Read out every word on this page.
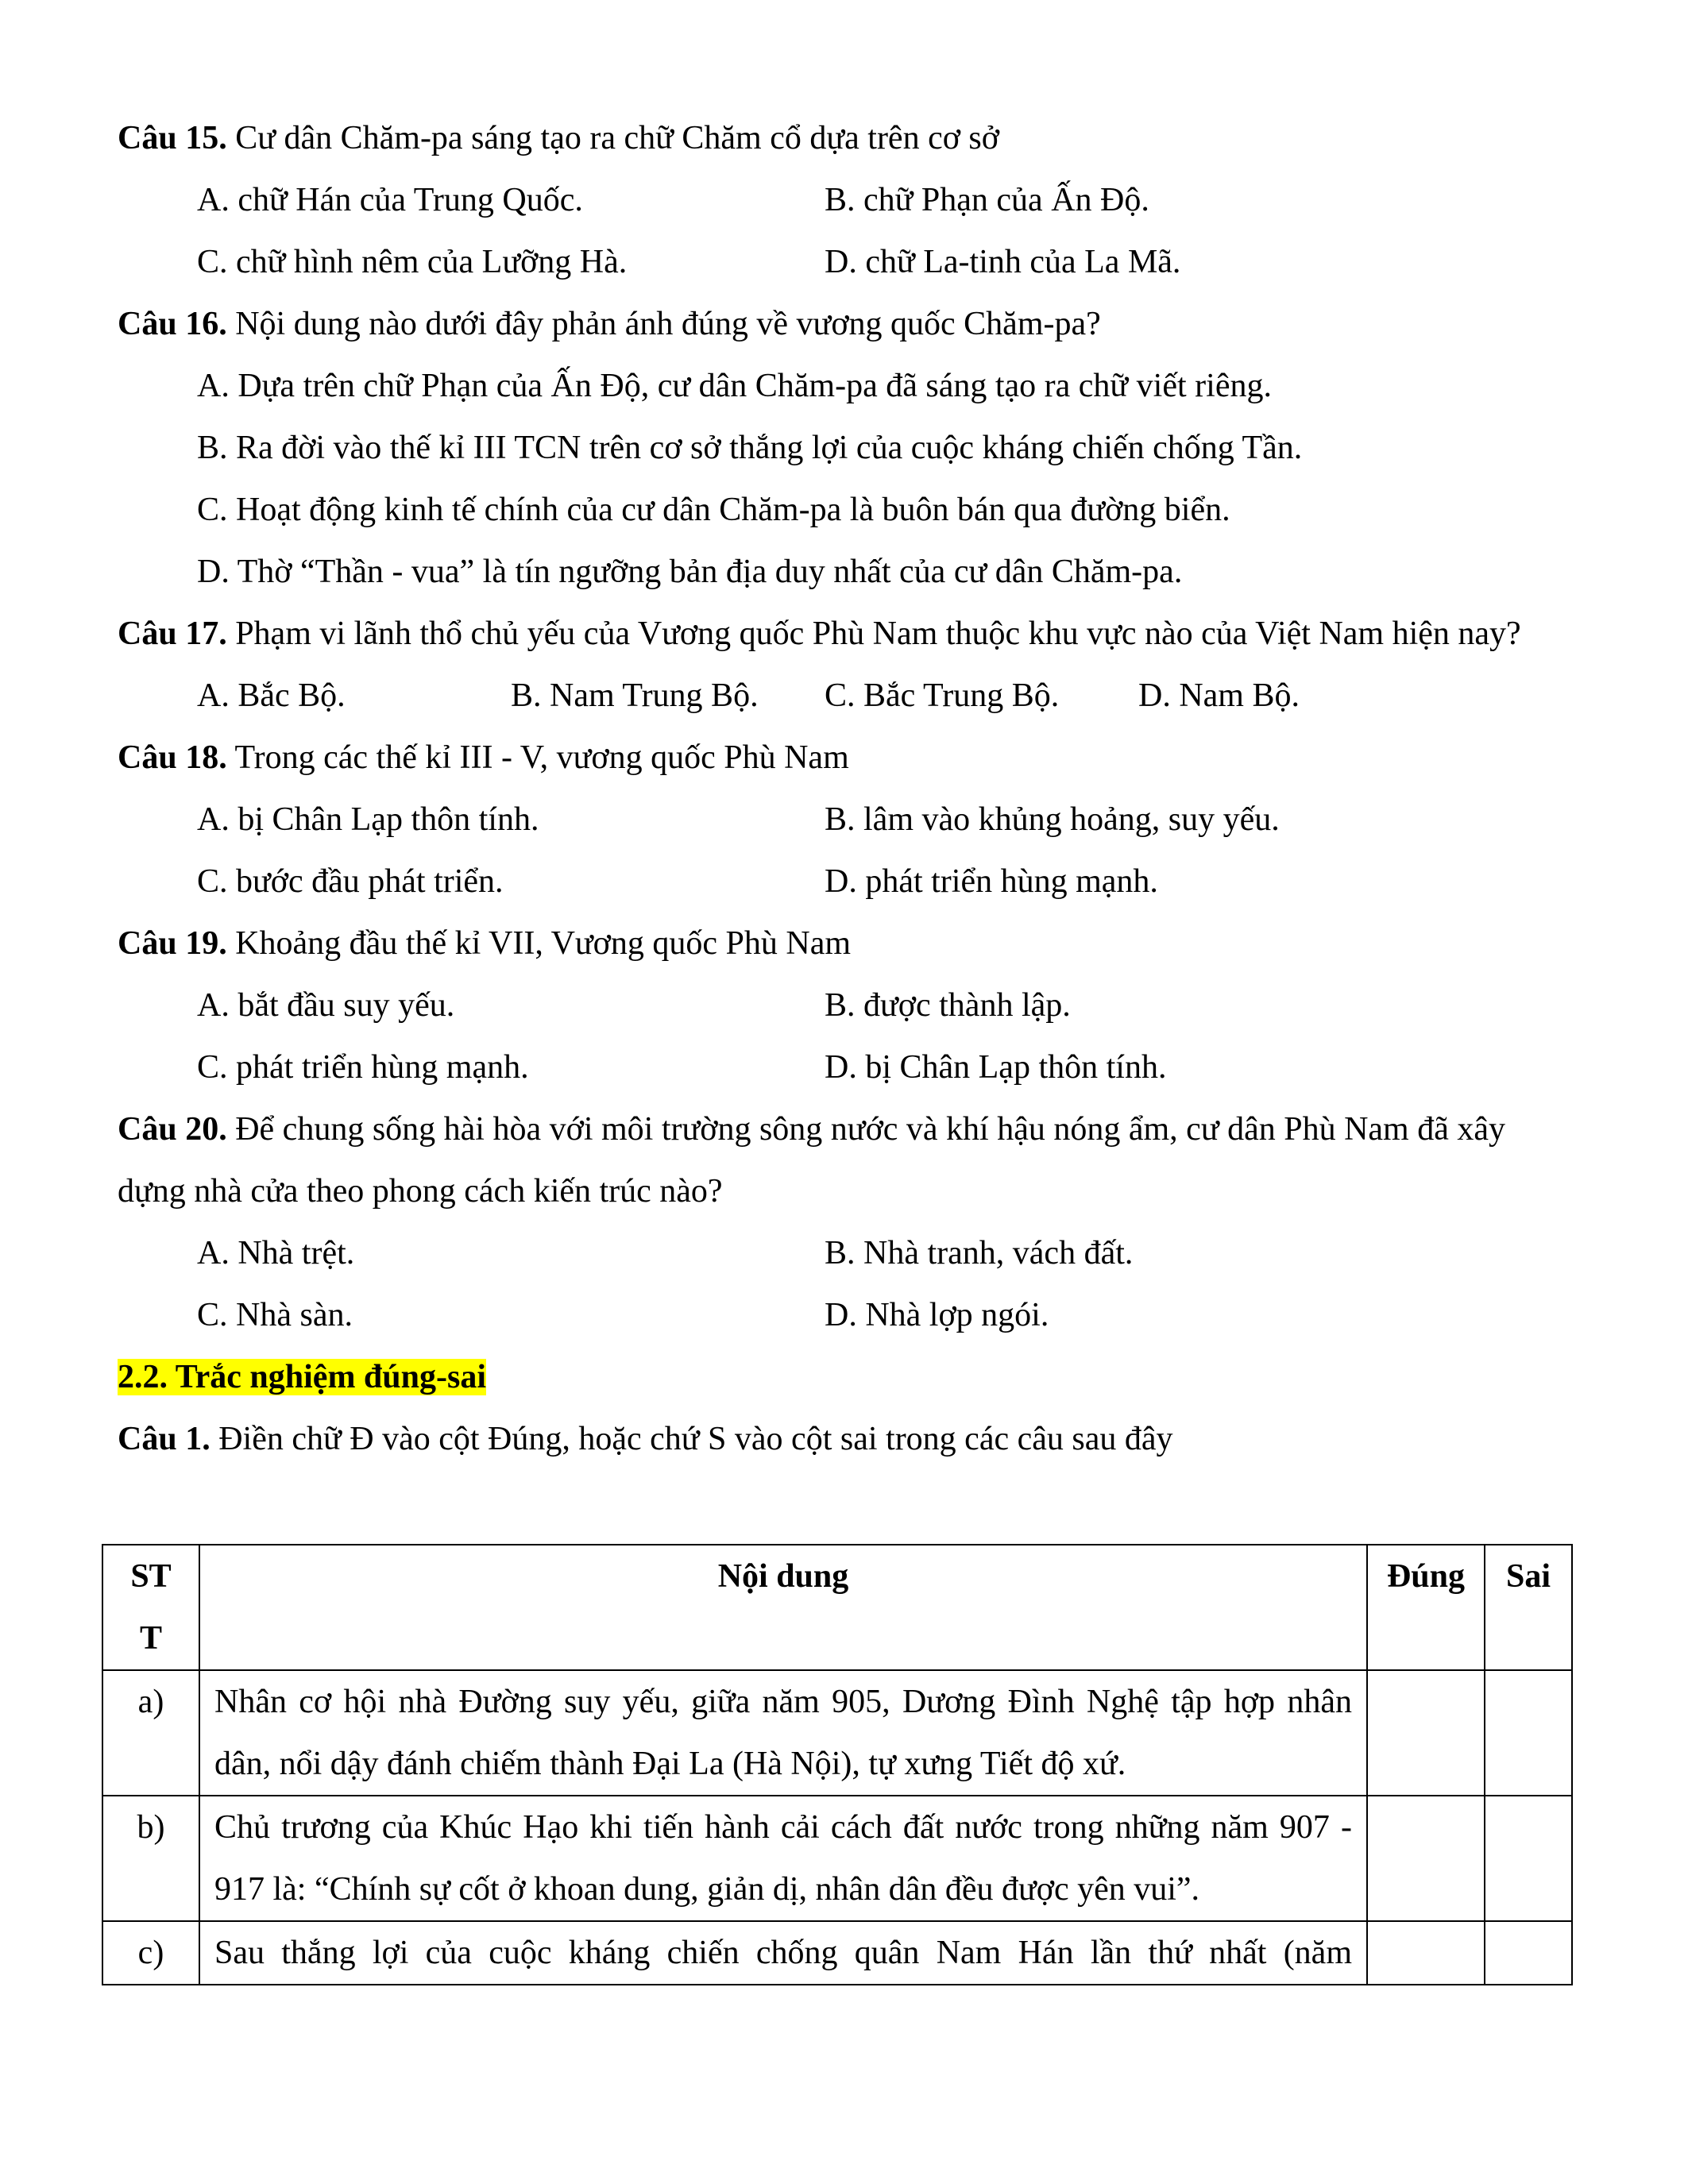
Câu 15. Cư dân Chăm-pa sáng tạo ra chữ Chăm cổ dựa trên cơ sở
A. chữ Hán của Trung Quốc.	B. chữ Phạn của Ấn Độ.
C. chữ hình nêm của Lưỡng Hà.	D. chữ La-tinh của La Mã.
Câu 16. Nội dung nào dưới đây phản ánh đúng về vương quốc Chăm-pa?
A. Dựa trên chữ Phạn của Ấn Độ, cư dân Chăm-pa đã sáng tạo ra chữ viết riêng.
B. Ra đời vào thế kỉ III TCN trên cơ sở thắng lợi của cuộc kháng chiến chống Tần.
C. Hoạt động kinh tế chính của cư dân Chăm-pa là buôn bán qua đường biển.
D. Thờ “Thần - vua” là tín ngưỡng bản địa duy nhất của cư dân Chăm-pa.
Câu 17. Phạm vi lãnh thổ chủ yếu của Vương quốc Phù Nam thuộc khu vực nào của Việt Nam hiện nay?
A. Bắc Bộ.	B. Nam Trung Bộ.	C. Bắc Trung Bộ.	D. Nam Bộ.
Câu 18. Trong các thế kỉ III - V, vương quốc Phù Nam
A. bị Chân Lạp thôn tính.	B. lâm vào khủng hoảng, suy yếu.
C. bước đầu phát triển.	D. phát triển hùng mạnh.
Câu 19. Khoảng đầu thế kỉ VII, Vương quốc Phù Nam
A. bắt đầu suy yếu.	B. được thành lập.
C. phát triển hùng mạnh.	D. bị Chân Lạp thôn tính.
Câu 20. Để chung sống hài hòa với môi trường sông nước và khí hậu nóng ẩm, cư dân Phù Nam đã xây dựng nhà cửa theo phong cách kiến trúc nào?
A. Nhà trệt.	B. Nhà tranh, vách đất.
C. Nhà sàn.	D. Nhà lợp ngói.
2.2. Trắc nghiệm đúng-sai
Câu 1. Điền chữ Đ vào cột Đúng, hoặc chứ S vào cột sai trong các câu sau đây
ST T	Nội dung	Đúng	Sai
a)	Nhân cơ hội nhà Đường suy yếu, giữa năm 905, Dương Đình Nghệ tập hợp nhân dân, nổi dậy đánh chiếm thành Đại La (Hà Nội), tự xưng Tiết độ xứ.		
b)	Chủ trương của Khúc Hạo khi tiến hành cải cách đất nước trong những năm 907 - 917 là: “Chính sự cốt ở khoan dung, giản dị, nhân dân đều được yên vui”.		
c)	Sau thắng lợi của cuộc kháng chiến chống quân Nam Hán lần thứ nhất (năm		
